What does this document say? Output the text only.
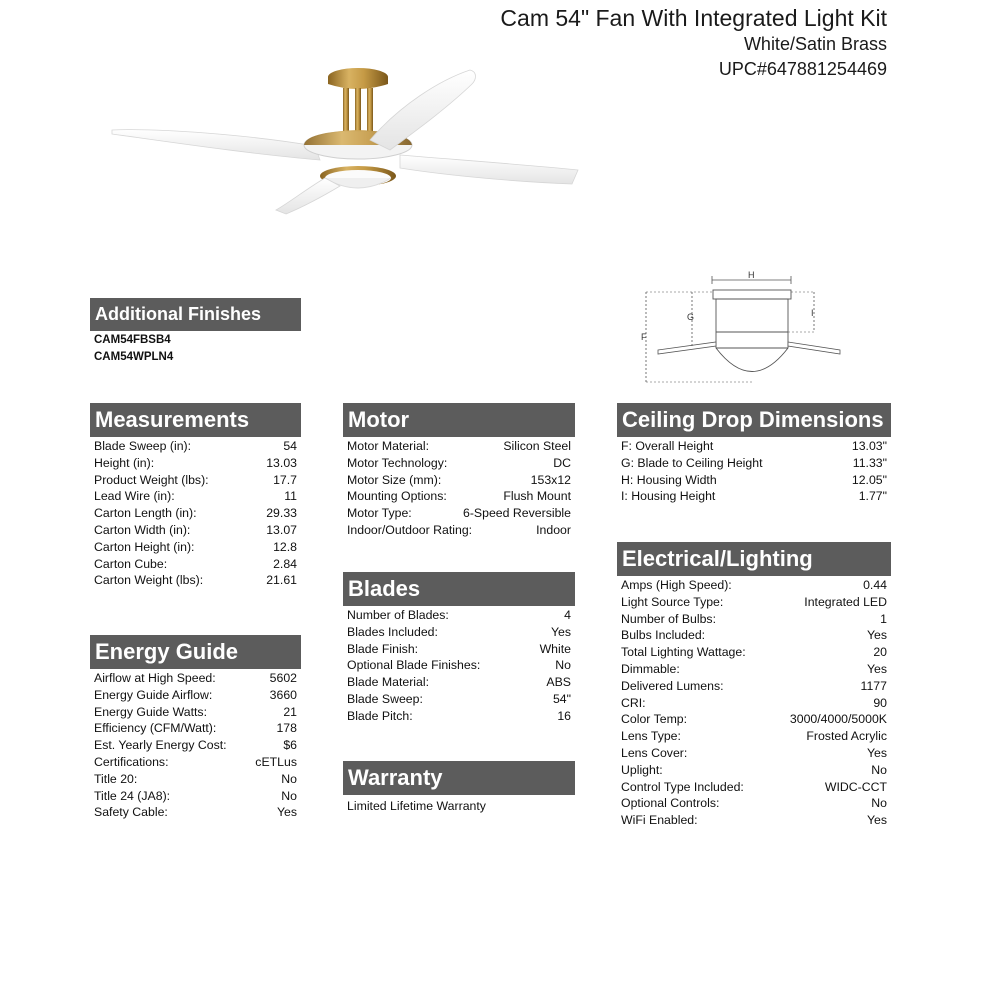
Cam 54" Fan With Integrated Light Kit
White/Satin Brass
UPC#647881254469
H
F
G	I
Additional Finishes
CAM54FBSB4
CAM54WPLN4
Measurements
Blade Sweep (in):	54
Height (in):	13.03
Product Weight (lbs):	17.7
Lead Wire (in):	11
Carton Length (in):	29.33
Carton Width (in):	13.07
Carton Height (in):	12.8
Carton Cube:	2.84
Carton Weight (lbs):	21.61
Energy Guide
Airflow at High Speed:	5602
Energy Guide Airflow:	3660
Energy Guide Watts:	21
Efficiency (CFM/Watt):	178
Est. Yearly Energy Cost:	$6
Certifications:	cETLus
Title 20:	No
Title 24 (JA8):	No
Safety Cable:	Yes
Motor
Motor Material:	Silicon Steel
Motor Technology:	DC
Motor Size (mm):	153x12
Mounting Options:	Flush Mount
Motor Type:	6-Speed Reversible
Indoor/Outdoor Rating:	Indoor
Blades
Number of Blades:	4
Blades Included:	Yes
Blade Finish:	White
Optional Blade Finishes:	No
Blade Material:	ABS
Blade Sweep:	54"
Blade Pitch:	16
Warranty
Limited Lifetime Warranty
Ceiling Drop Dimensions
F: Overall Height	13.03"
G: Blade to Ceiling Height	11.33"
H: Housing Width	12.05"
I: Housing Height	1.77"
Electrical/Lighting
Amps (High Speed):	0.44
Light Source Type:	Integrated LED
Number of Bulbs:	1
Bulbs Included:	Yes
Total Lighting Wattage:	20
Dimmable:	Yes
Delivered Lumens:	1177
CRI:	90
Color Temp:	3000/4000/5000K
Lens Type:	Frosted Acrylic
Lens Cover:	Yes
Uplight:	No
Control Type Included:	WIDC-CCT
Optional Controls:	No
WiFi Enabled:	Yes
